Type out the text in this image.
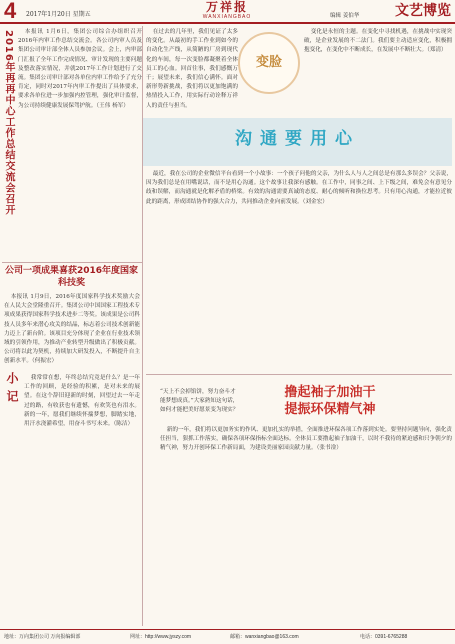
4 2017年1月20日 星期五
万祥报
WANXIANGBAO	编辑 姜伯华	文艺博览
2016年再再中心工作总结交流会召开	本报讯 1月6日，集团公司综合办组织召开2016年内审工作总结交流会。各公司内审人员及集团公司审计部全体人员参加会议。会上，内审部门汇报了全年工作完成情况、审计发现的主要问题及整改落实情况，并就2017年工作计划进行了交流。集团公司审计部对各单位内审工作给予了充分肯定，同时对2017年内审工作提出了具体要求，要求各单位进一步加强内控管理，强化审计监督，为公司持续健康发展保驾护航。（王伟 杨军）

公司一项成果喜获2016年度国家科技奖

本报讯 1月9日，2016年度国家科学技术奖励大会在人民大会堂隆重召开。集团公司中国国家工程技术专项成果获得国家科学技术进步二等奖。该成果是公司科技人员多年来潜心攻关的结晶，标志着公司技术创新能力迈上了新台阶。该项目充分体现了企业在行业技术领域的引领作用，为推动产业转型升级做出了积极贡献。公司将以此为契机，持续加大研发投入，不断提升自主创新水平。（何振宏）

小记	我常常在想，年终总结究竟是什么？是一年工作的回顾，是经验的积累，是对未来的展望。在这个辞旧迎新的时刻，回望过去一年走过的路，有收获也有遗憾，有欢笑也有泪水。新的一年，愿我们继续怀揣梦想，脚踏实地，用汗水浇灌希望，用奋斗书写未来。（陈洁）

在过去的几年里，我们见证了太多的变化。从最初的手工作业到如今的自动化生产线，从简陋的厂房到现代化的车间，每一次变脸都凝聚着全体员工的心血。回首往事，我们感慨万千；展望未来，我们信心满怀。面对新形势新挑战，我们将以更加饱满的热情投入工作，用实际行动诠释万祥人的责任与担当。

变脸

变化是永恒的主题。在变化中寻找机遇，在挑战中实现突破，是企业发展的不二法门。我们要主动适应变化，积极拥抱变化，在变化中不断成长，在发展中不断壮大。（郑清）

沟通要用心

最近，我在公司的企业微信平台看到一个小故事：一个孩子问他的父亲，为什么人与人之间总是有那么多误会？父亲说，因为我们总是在用嘴说话，而不是用心沟通。这个故事让我深有感触。在工作中，同事之间、上下级之间，难免会有意见分歧和误解，而沟通就是化解矛盾的桥梁。有效的沟通需要真诚的态度、耐心的倾听和换位思考。只有用心沟通，才能拉近彼此的距离，形成团结协作的强大合力，共同推动企业向前发展。（刘金宏）

“天上不会掉馅饼，努力奋斗才能梦想成真。”大家熟知这句话，如何才能把美好愿景变为现实？
撸起袖子加油干
提振环保精气神

新的一年，我们将以更加务实的作风、更加扎实的举措，全面推进环保各项工作落到实处。要坚持问题导向，强化责任担当，狠抓工作落实，确保各项环保指标全面达标。全体员工要撸起袖子加油干，以时不我待的紧迫感和只争朝夕的精气神，努力开创环保工作新局面，为建设美丽家园贡献力量。（张书淦）

地址：万向集团公司 万向报编辑部	网址：http://www.jyszy.com	邮箱：wanxiangbao@163.com	电话：0391-6765288
